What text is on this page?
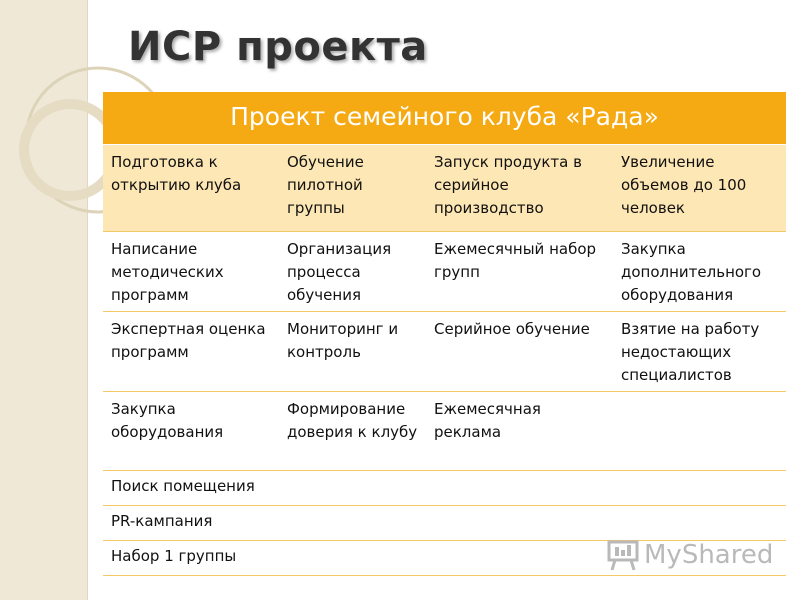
ИСР проекта
Проект семейного клуба «Рада»			
Подготовка к открытию клуба	Обучение пилотной группы	Запуск продукта в серийное производство	Увеличение объемов до 100 человек
Написание методических программ	Организация процесса обучения	Ежемесячный набор групп	Закупка дополнительного оборудования
Экспертная оценка программ	Мониторинг и контроль	Серийное обучение	Взятие на работу недостающих специалистов
Закупка оборудования	Формирование доверия к клубу	Ежемесячная реклама	
Поиск помещения			
PR-кампания			
Набор 1 группы				MyShared
